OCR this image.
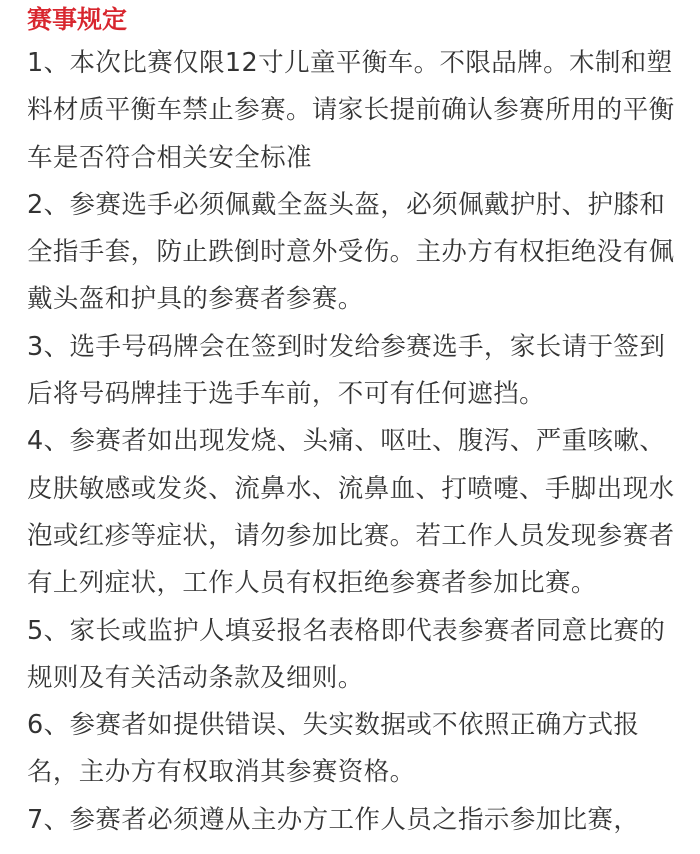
赛事规定
1、本次比赛仅限12寸儿童平衡车。不限品牌。木制和塑料材质平衡车禁止参赛。请家长提前确认参赛所用的平衡车是否符合相关安全标准
2、参赛选手必须佩戴全盔头盔，必须佩戴护肘、护膝和全指手套，防止跌倒时意外受伤。主办方有权拒绝没有佩戴头盔和护具的参赛者参赛。
3、选手号码牌会在签到时发给参赛选手，家长请于签到后将号码牌挂于选手车前，不可有任何遮挡。
4、参赛者如出现发烧、头痛、呕吐、腹泻、严重咳嗽、皮肤敏感或发炎、流鼻水、流鼻血、打喷嚏、手脚出现水泡或红疹等症状，请勿参加比赛。若工作人员发现参赛者有上列症状，工作人员有权拒绝参赛者参加比赛。
5、家长或监护人填妥报名表格即代表参赛者同意比赛的规则及有关活动条款及细则。
6、参赛者如提供错误、失实数据或不依照正确方式报名，主办方有权取消其参赛资格。
7、参赛者必须遵从主办方工作人员之指示参加比赛，
